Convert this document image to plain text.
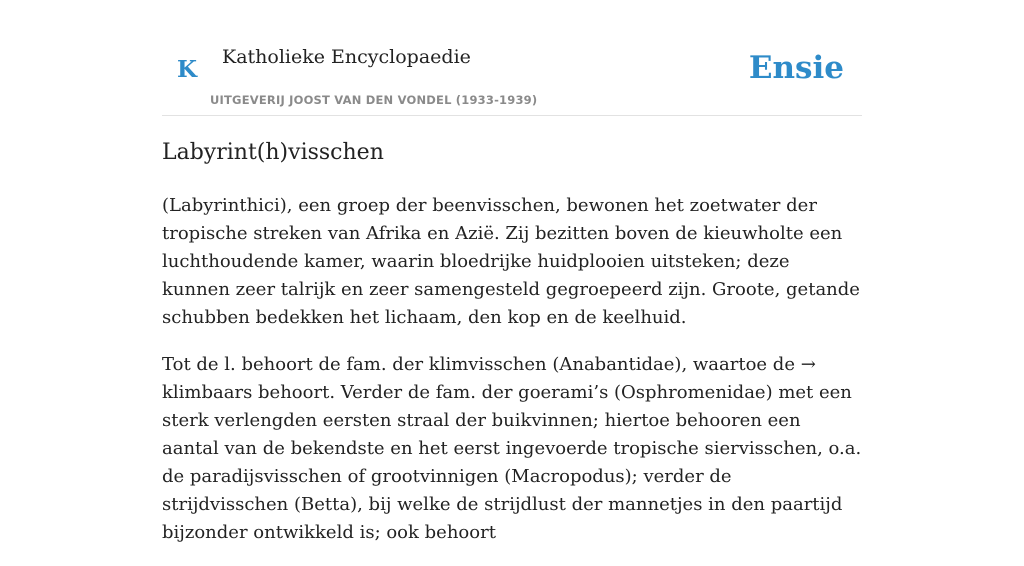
K Katholieke Encyclopaedie
UITGEVERIJ JOOST VAN DEN VONDEL (1933-1939)
Ensie
Labyrint(h)visschen

(Labyrinthici), een groep der beenvisschen, bewonen het zoetwater der tropische streken van Afrika en Azië. Zij bezitten boven de kieuwholte een luchthoudende kamer, waarin bloedrijke huidplooien uitsteken; deze kunnen zeer talrijk en zeer samengesteld gegroepeerd zijn. Groote, getande schubben bedekken het lichaam, den kop en de keelhuid.

Tot de l. behoort de fam. der klimvisschen (Anabantidae), waartoe de → klimbaars behoort. Verder de fam. der goerami’s (Osphromenidae) met een sterk verlengden eersten straal der buikvinnen; hiertoe behooren een aantal van de bekendste en het eerst ingevoerde tropische siervisschen, o.a. de paradijsvisschen of grootvinnigen (Macropodus); verder de strijdvisschen (Betta), bij welke de strijdlust der mannetjes in den paartijd bijzonder ontwikkeld is; ook behoort
